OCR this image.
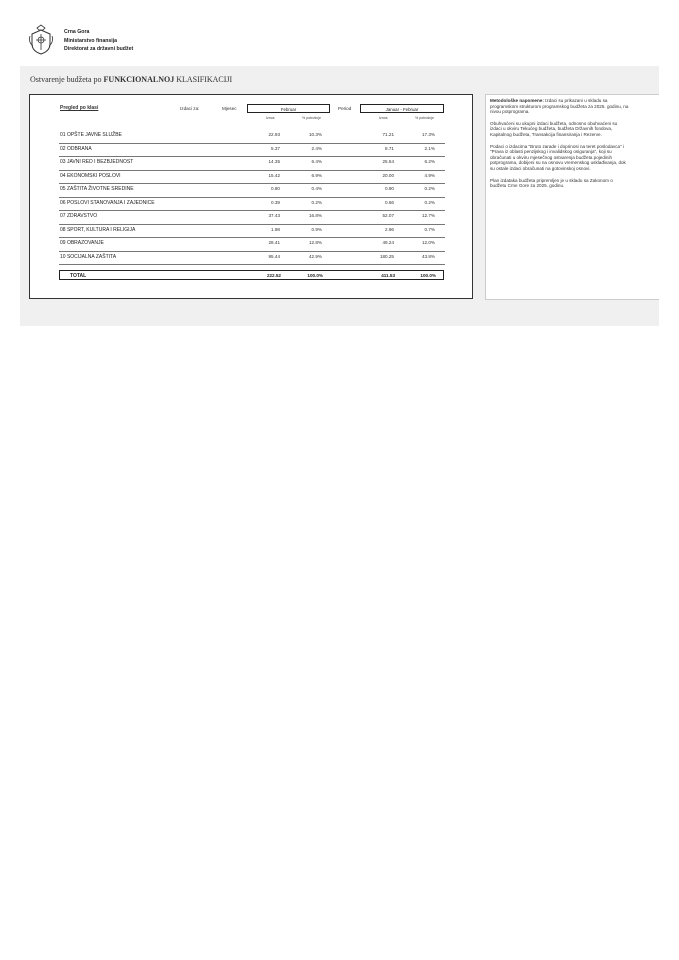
Crna Gora
Ministarstvo finansija
Direktorat za državni budžet
Ostvarenje budžeta po FUNKCIONALNOJ KLASIFIKACIJI
Pregled po klasi	Izdaci za:	Mjesec	Februar	Period	Januar - Februar
Iznos	% potrošnje	Iznos	% potrošnje
01 OPŠTE JAVNE SLUŽBE	22.93	10.3%	71.21	17.3%
02 ODBRANA	5.37	2.4%	8.71	2.1%
03 JAVNI RED I BEZBJEDNOST	14.35	6.4%	25.54	6.2%
04 EKONOMSKI POSLOVI	15.42	6.9%	20.00	4.9%
05 ZAŠTITA ŽIVOTNE SREDINE	0.80	0.4%	0.90	0.2%
06 POSLOVI STANOVANJA I ZAJEDNICE	0.39	0.2%	0.66	0.2%
07 ZDRAVSTVO	37.43	16.8%	52.07	12.7%
08 SPORT, KULTURA I RELIGIJA	1.98	0.9%	2.96	0.7%
09 OBRAZOVANJE	28.41	12.8%	49.24	12.0%
10 SOCIJALNA ZAŠTITA	95.44	42.9%	180.25	43.8%
TOTAL	222.52	100.0%	411.53	100.0%

Metodološke napomene: Izdaci su prikazani u skladu sa
programskom strukturom programskog budžeta za 2025. godinu, na
nivou potprograma.

Obuhvaćeni su ukupni izdaci budžeta, odnosno obuhvaćeni su
izdaci u okviru Tekućeg budžeta, budžeta Državnih fondova,
Kapitalnog budžeta, Transakcija finansiranja i Rezerve.

Podaci o izdacima "Bruto zarade i doprinosi na teret poslodavca" i
"Prava iz oblasti penzijskog i invalidskog osiguranja", koji su
obračunati u okviru mjesečnog ostvarenja budžeta pojedinih
potprograma, dobijeni su na osnovu vremenskog usklađivanja, dok
su ostale izdaci obračunati na gotovinskoj osnovi.

Plan izdataka budžeta pripremljen je u skladu sa Zakonom o
budžetu Crne Gore za 2025. godinu.
